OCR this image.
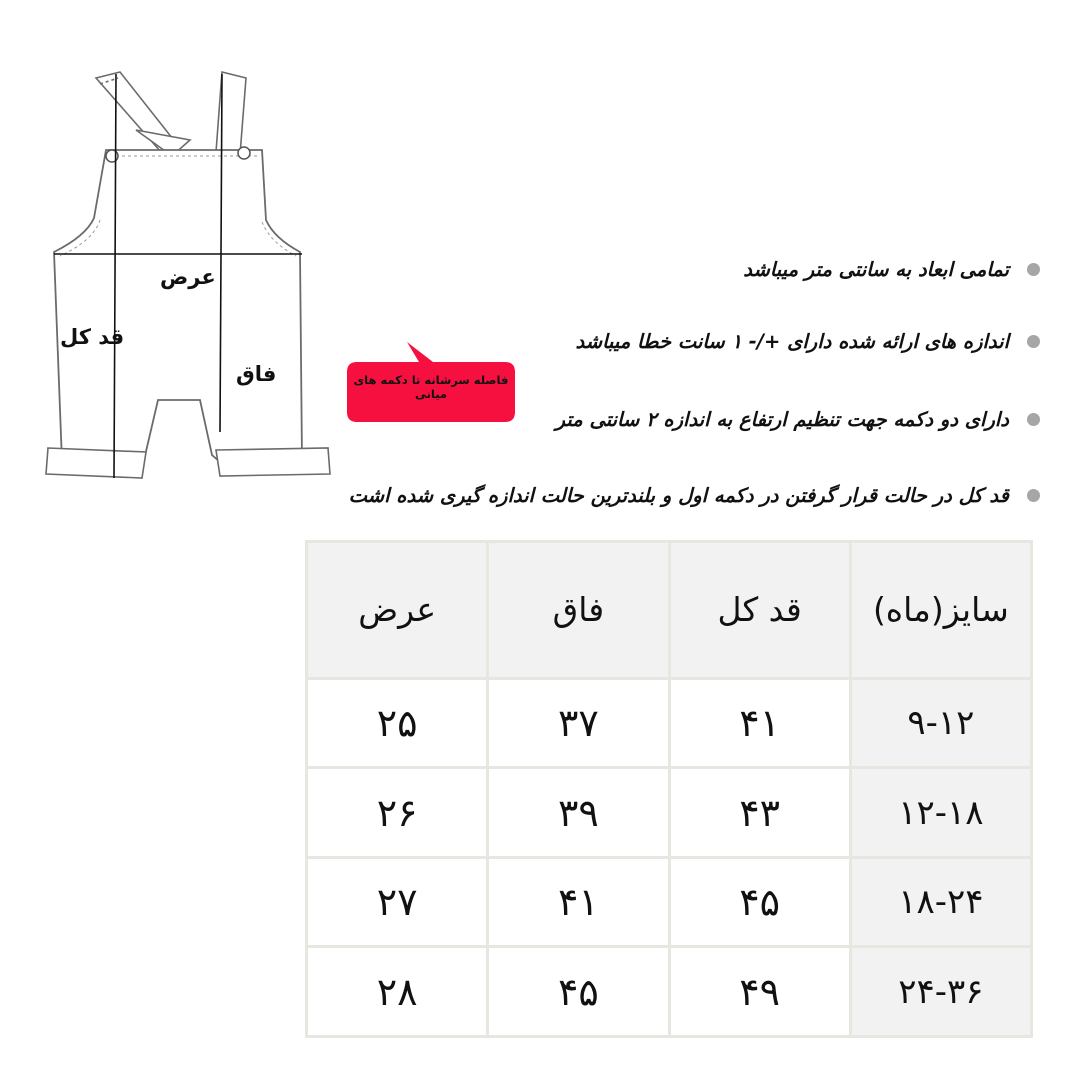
عرض
قد کل
فاق	فاصله سرشانه تا دکمه های میانی
تمامی ابعاد به سانتی متر میباشد
اندازه های ارائه شده دارای +/- ۱ سانت خطا میباشد
دارای دو دکمه جهت تنظیم ارتفاع به اندازه ۲ سانتی متر
قد کل در حالت قرار گرفتن در دکمه اول و بلندترین حالت اندازه گیری شده اشت
سایز(ماه)	قد کل	فاق	عرض
۹-۱۲	۴۱	۳۷	۲۵
۱۲-۱۸	۴۳	۳۹	۲۶
۱۸-۲۴	۴۵	۴۱	۲۷
۲۴-۳۶	۴۹	۴۵	۲۸
